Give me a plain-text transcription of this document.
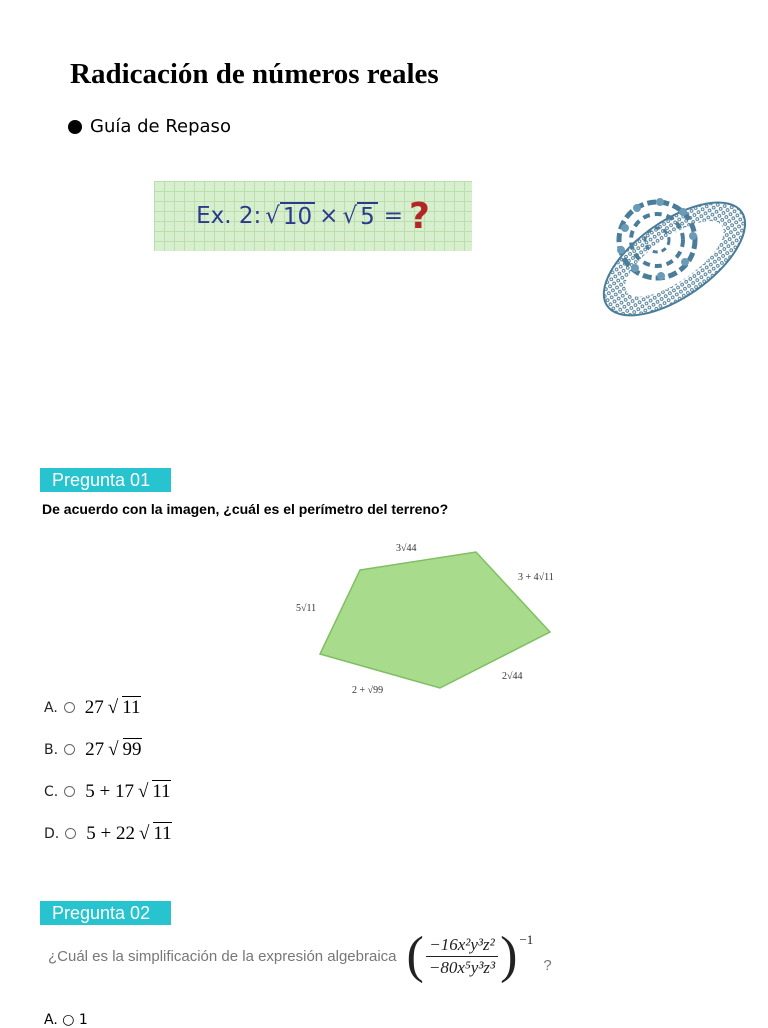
Radicación de números reales
Guía de Repaso
Ex. 2: √ 10 × √ 5 = ?
Pregunta 01
De acuerdo con la imagen, ¿cuál es el perímetro del terreno?
3√44
3 + 4√11
5√11
2 + √99
2√44
A. 27 √ 11
B. 27 √ 99
C. 5 + 17 √ 11
D. 5 + 22 √ 11
Pregunta 02
¿Cuál es la simplificación de la expresión algebraica ( $\frac{\text{−16x²y³z²}}{\text{−80x⁵y³z³}}$ ) −1
?
A. ○ 1
